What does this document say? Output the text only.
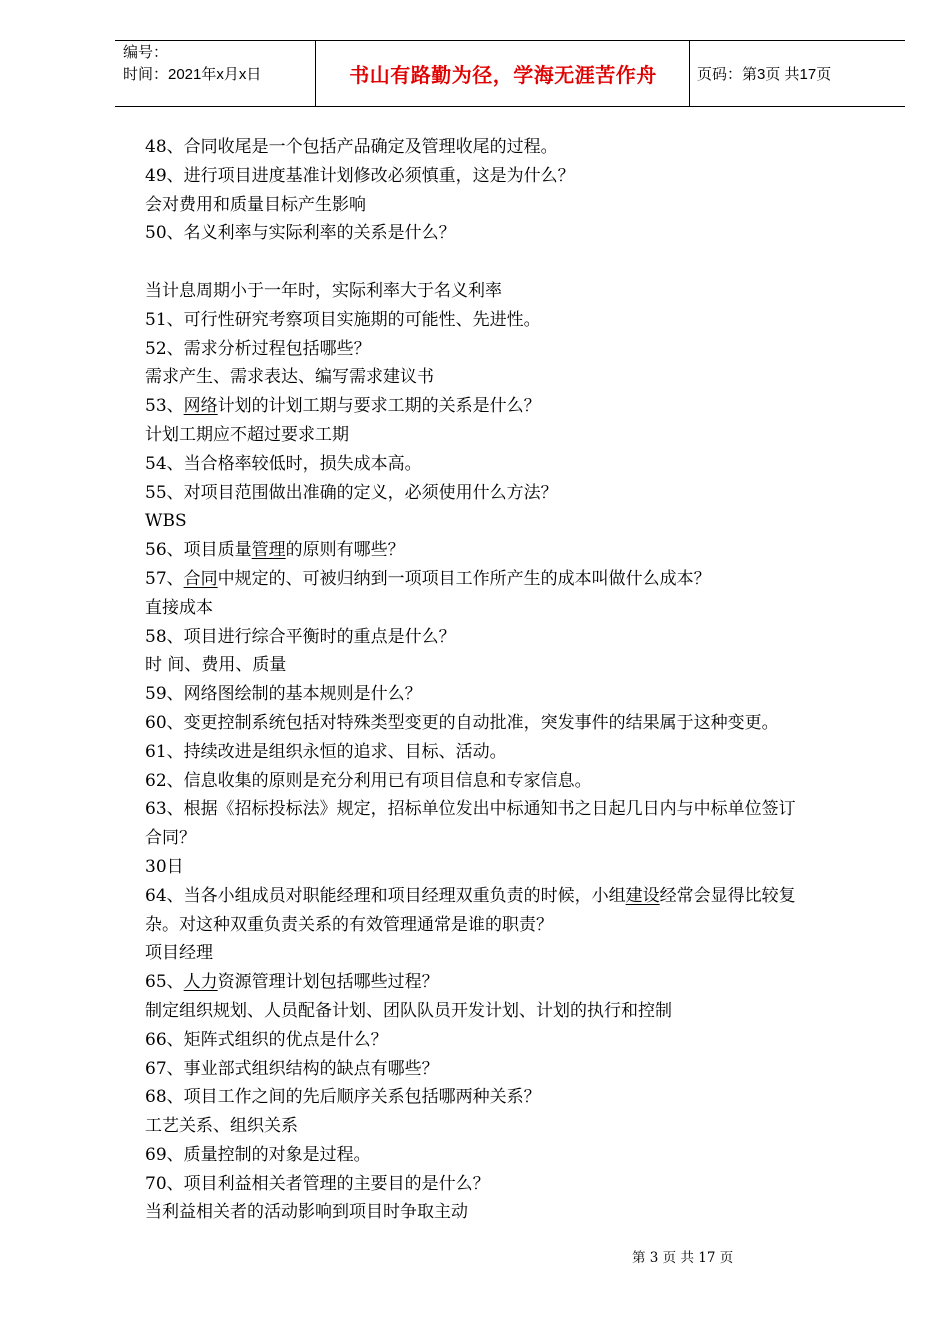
编号：
时间：2021年x月x日	书山有路勤为径，学海无涯苦作舟	页码：第3页 共17页
48、合同收尾是一个包括产品确定及管理收尾的过程。
49、进行项目进度基准计划修改必须慎重，这是为什么？
会对费用和质量目标产生影响
50、名义利率与实际利率的关系是什么？
当计息周期小于一年时，实际利率大于名义利率
51、可行性研究考察项目实施期的可能性、先进性。
52、需求分析过程包括哪些？
需求产生、需求表达、编写需求建议书
53、网络计划的计划工期与要求工期的关系是什么？
计划工期应不超过要求工期
54、当合格率较低时，损失成本高。
55、对项目范围做出准确的定义，必须使用什么方法？
WBS
56、项目质量管理的原则有哪些？
57、合同中规定的、可被归纳到一项项目工作所产生的成本叫做什么成本？
直接成本
58、项目进行综合平衡时的重点是什么？
时 间、费用、质量
59、网络图绘制的基本规则是什么？
60、变更控制系统包括对特殊类型变更的自动批准，突发事件的结果属于这种变更。
61、持续改进是组织永恒的追求、目标、活动。
62、信息收集的原则是充分利用已有项目信息和专家信息。
63、根据《招标投标法》规定，招标单位发出中标通知书之日起几日内与中标单位签订
合同？
30日
64、当各小组成员对职能经理和项目经理双重负责的时候，小组建设经常会显得比较复
杂。对这种双重负责关系的有效管理通常是谁的职责？
项目经理
65、人力资源管理计划包括哪些过程？
制定组织规划、人员配备计划、团队队员开发计划、计划的执行和控制
66、矩阵式组织的优点是什么？
67、事业部式组织结构的缺点有哪些？
68、项目工作之间的先后顺序关系包括哪两种关系？
工艺关系、组织关系
69、质量控制的对象是过程。
70、项目利益相关者管理的主要目的是什么？
当利益相关者的活动影响到项目时争取主动
第 3 页 共 17 页
